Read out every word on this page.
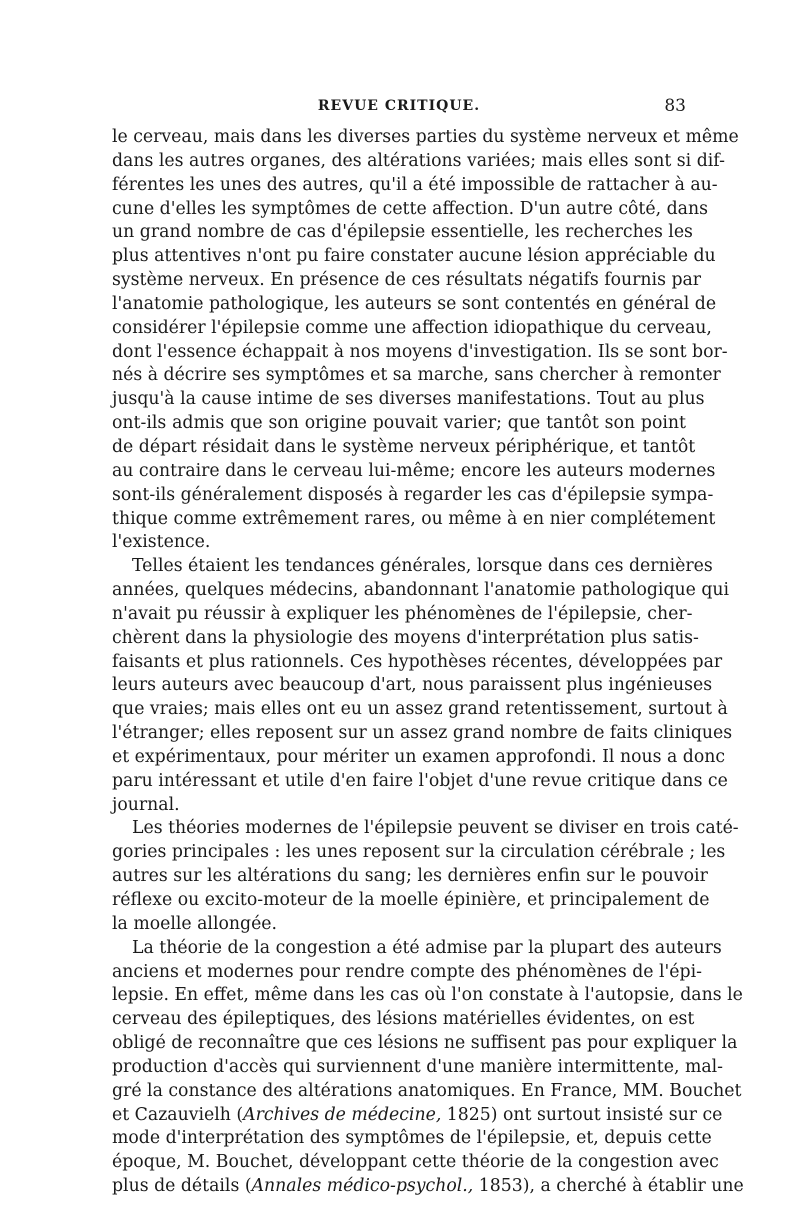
REVUE CRITIQUE.	83
le cerveau, mais dans les diverses parties du système nerveux et même
dans les autres organes, des altérations variées; mais elles sont si dif-
férentes les unes des autres, qu'il a été impossible de rattacher à au-
cune d'elles les symptômes de cette affection. D'un autre côté, dans
un grand nombre de cas d'épilepsie essentielle, les recherches les
plus attentives n'ont pu faire constater aucune lésion appréciable du
système nerveux. En présence de ces résultats négatifs fournis par
l'anatomie pathologique, les auteurs se sont contentés en général de
considérer l'épilepsie comme une affection idiopathique du cerveau,
dont l'essence échappait à nos moyens d'investigation. Ils se sont bor-
nés à décrire ses symptômes et sa marche, sans chercher à remonter
jusqu'à la cause intime de ses diverses manifestations. Tout au plus
ont-ils admis que son origine pouvait varier; que tantôt son point
de départ résidait dans le système nerveux périphérique, et tantôt
au contraire dans le cerveau lui-même; encore les auteurs modernes
sont-ils généralement disposés à regarder les cas d'épilepsie sympa-
thique comme extrêmement rares, ou même à en nier complétement
l'existence.
Telles étaient les tendances générales, lorsque dans ces dernières
années, quelques médecins, abandonnant l'anatomie pathologique qui
n'avait pu réussir à expliquer les phénomènes de l'épilepsie, cher-
chèrent dans la physiologie des moyens d'interprétation plus satis-
faisants et plus rationnels. Ces hypothèses récentes, développées par
leurs auteurs avec beaucoup d'art, nous paraissent plus ingénieuses
que vraies; mais elles ont eu un assez grand retentissement, surtout à
l'étranger; elles reposent sur un assez grand nombre de faits cliniques
et expérimentaux, pour mériter un examen approfondi. Il nous a donc
paru intéressant et utile d'en faire l'objet d'une revue critique dans ce
journal.
Les théories modernes de l'épilepsie peuvent se diviser en trois caté-
gories principales : les unes reposent sur la circulation cérébrale ; les
autres sur les altérations du sang; les dernières enfin sur le pouvoir
réflexe ou excito-moteur de la moelle épinière, et principalement de
la moelle allongée.
La théorie de la congestion a été admise par la plupart des auteurs
anciens et modernes pour rendre compte des phénomènes de l'épi-
lepsie. En effet, même dans les cas où l'on constate à l'autopsie, dans le
cerveau des épileptiques, des lésions matérielles évidentes, on est
obligé de reconnaître que ces lésions ne suffisent pas pour expliquer la
production d'accès qui surviennent d'une manière intermittente, mal-
gré la constance des altérations anatomiques. En France, MM. Bouchet
et Cazauvielh (Archives de médecine, 1825) ont surtout insisté sur ce
mode d'interprétation des symptômes de l'épilepsie, et, depuis cette
époque, M. Bouchet, développant cette théorie de la congestion avec
plus de détails (Annales médico-psychol., 1853), a cherché à établir une
